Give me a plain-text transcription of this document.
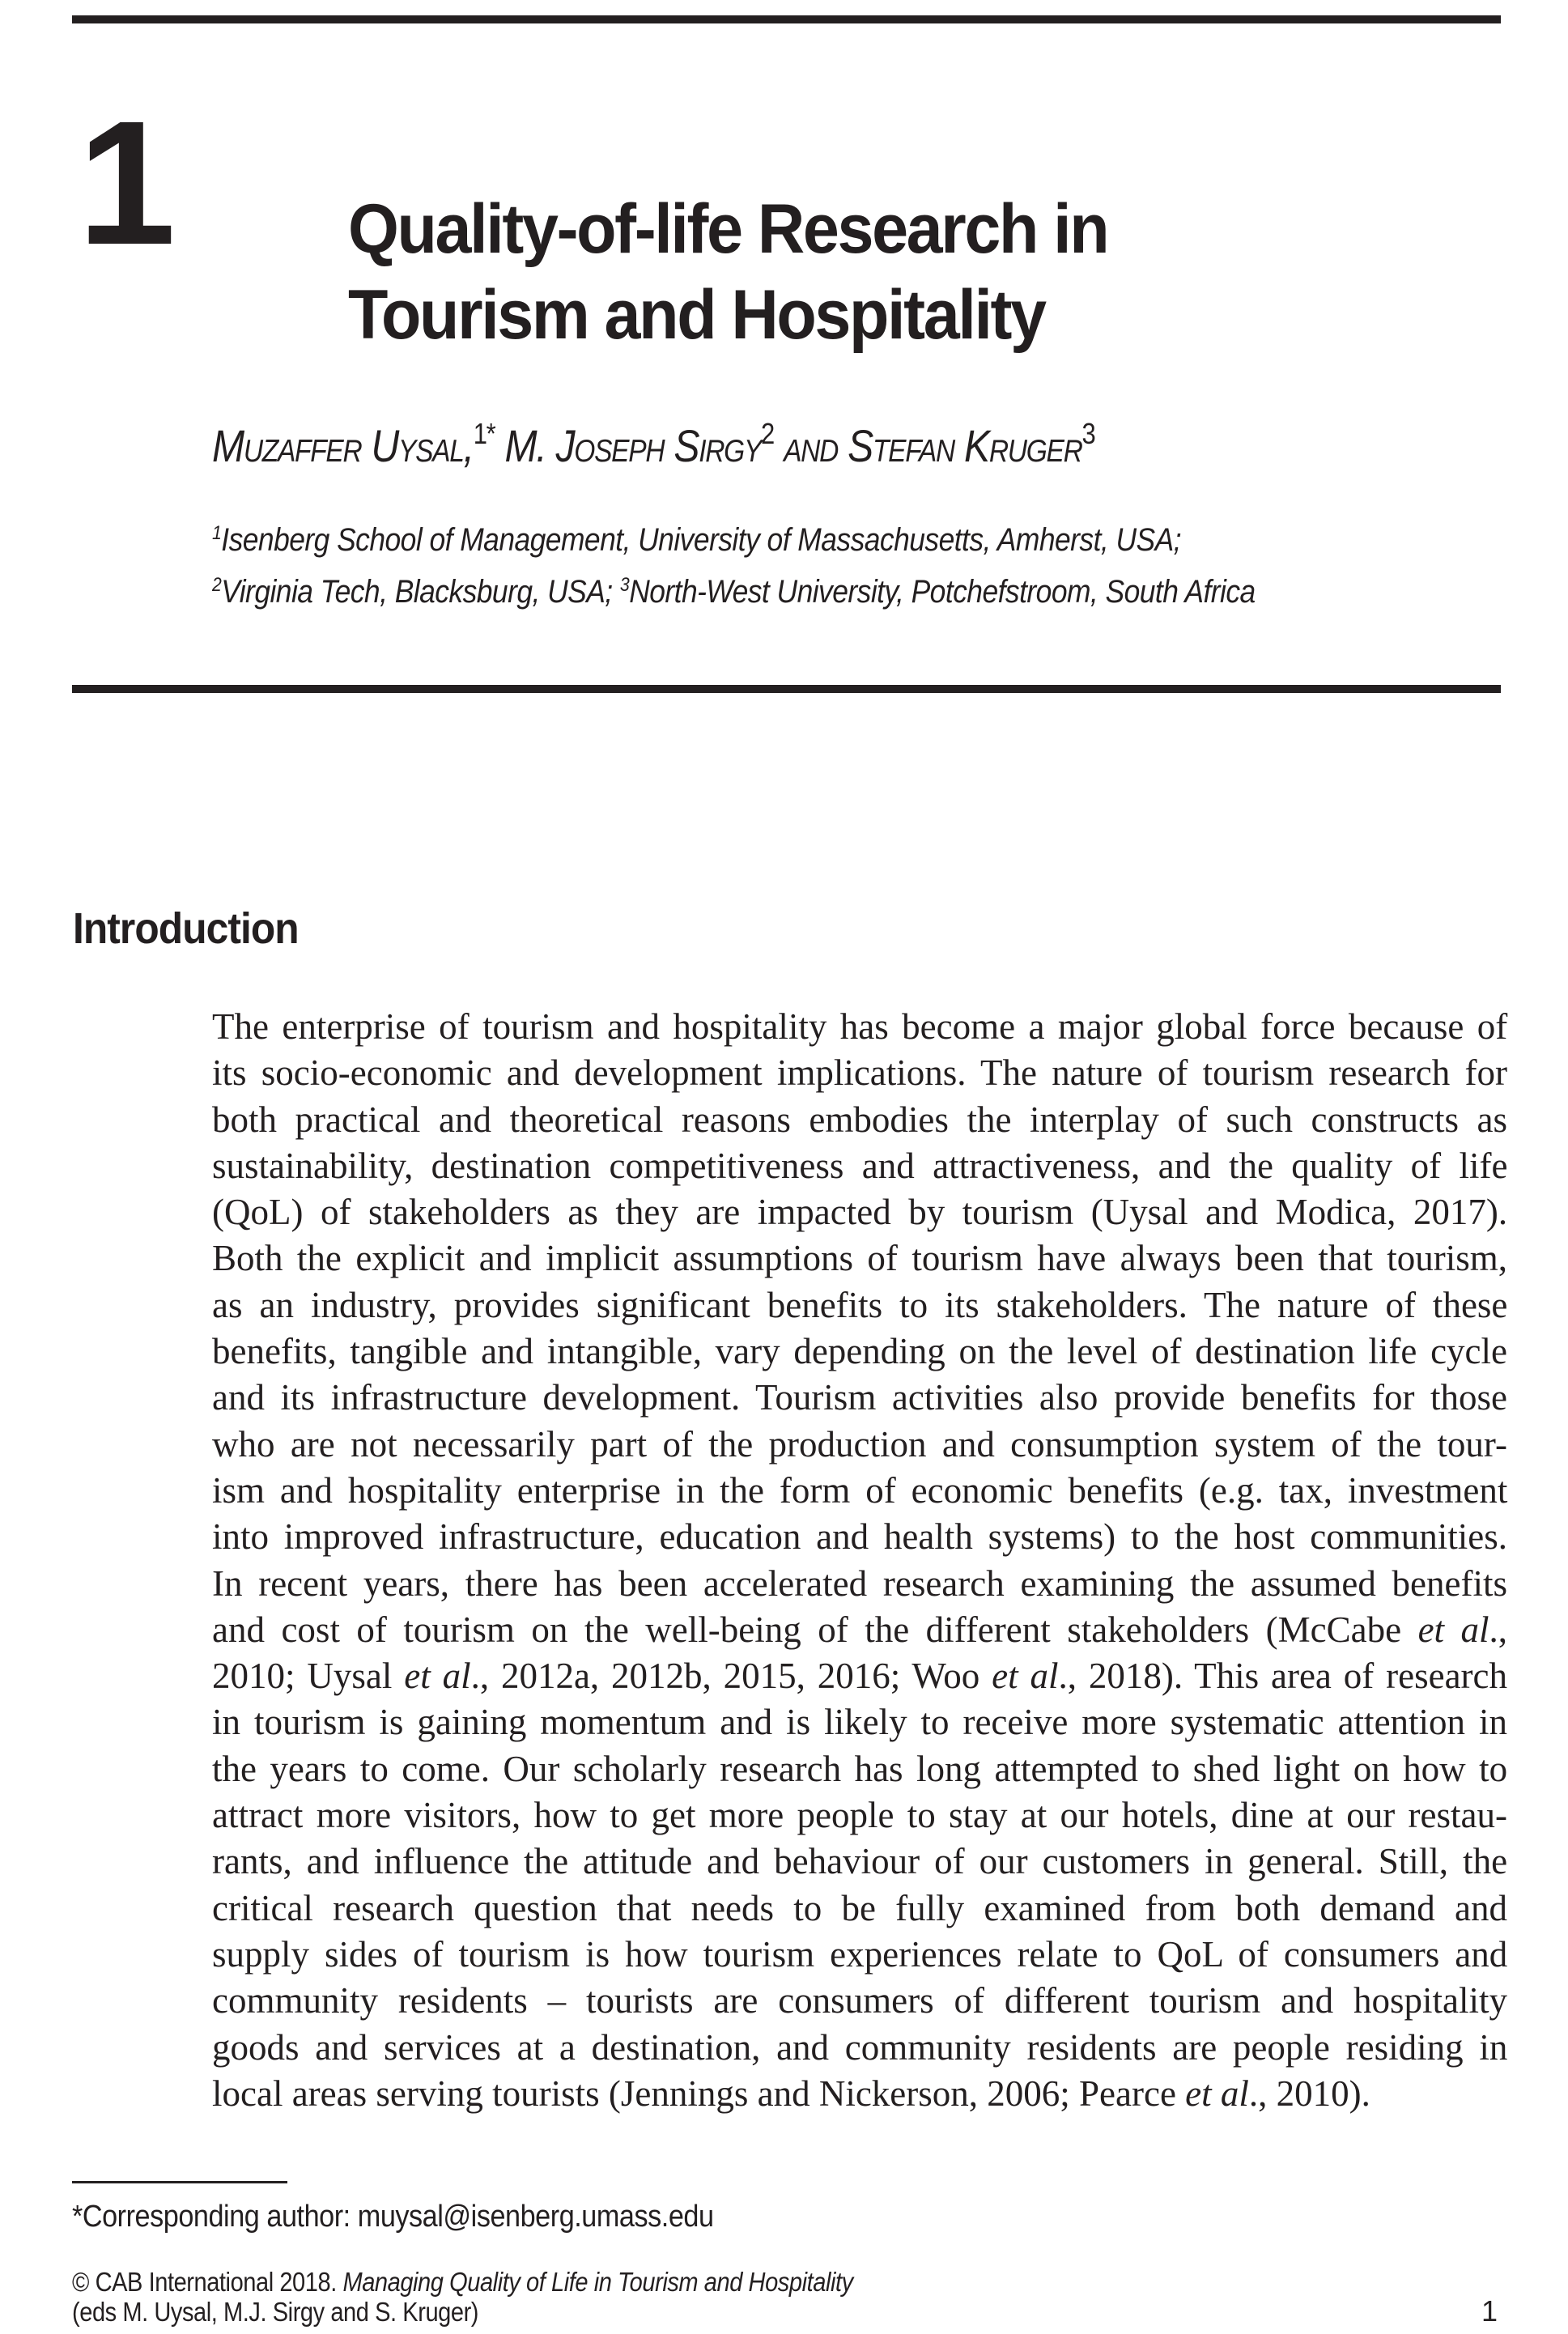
1	Quality-of-life Research in
Tourism and Hospitality
Muzaffer Uysal,$^{1*}$ M. Joseph Sirgy$^2$ and Stefan Kruger$^3$
$^1$Isenberg School of Management, University of Massachusetts, Amherst, USA;
$^2$Virginia Tech, Blacksburg, USA; $^3$North-West University, Potchefstroom, South Africa
Introduction
The enterprise of tourism and hospitality has become a major global force because of
its socio-economic and development implications. The nature of tourism research for
both practical and theoretical reasons embodies the interplay of such constructs as
sustainability, destination competitiveness and attractiveness, and the quality of life
(QoL) of stakeholders as they are impacted by tourism (Uysal and Modica, 2017).
Both the explicit and implicit assumptions of tourism have always been that tourism,
as an industry, provides significant benefits to its stakeholders. The nature of these
benefits, tangible and intangible, vary depending on the level of destination life cycle
and its infrastructure development. Tourism activities also provide benefits for those
who are not necessarily part of the production and consumption system of the tour-
ism and hospitality enterprise in the form of economic benefits (e.g. tax, investment
into improved infrastructure, education and health systems) to the host communities.
In recent years, there has been accelerated research examining the assumed benefits
and cost of tourism on the well-being of the different stakeholders (McCabe et al.,
2010; Uysal et al., 2012a, 2012b, 2015, 2016; Woo et al., 2018). This area of research
in tourism is gaining momentum and is likely to receive more systematic attention in
the years to come. Our scholarly research has long attempted to shed light on how to
attract more visitors, how to get more people to stay at our hotels, dine at our restau-
rants, and influence the attitude and behaviour of our customers in general. Still, the
critical research question that needs to be fully examined from both demand and
supply sides of tourism is how tourism experiences relate to QoL of consumers and
community residents – tourists are consumers of different tourism and hospitality
goods and services at a destination, and community residents are people residing in
local areas serving tourists (Jennings and Nickerson, 2006; Pearce et al., 2010).
*Corresponding author: muysal@isenberg.umass.edu
© CAB International 2018. Managing Quality of Life in Tourism and Hospitality
(eds M. Uysal, M.J. Sirgy and S. Kruger)	1
